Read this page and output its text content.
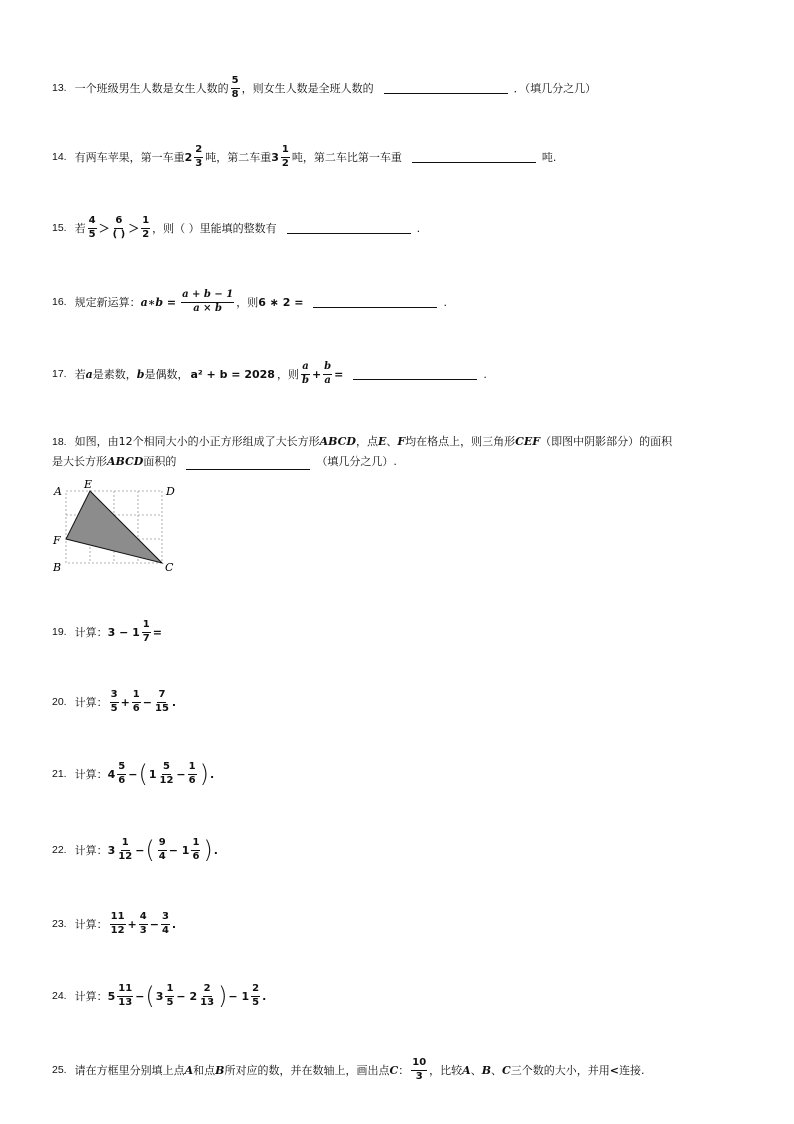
13. 一个班级男生人数是女生人数的 $\frac{5}{8}$ ，则女生人数是全班人数的	．（填几分之几）
14. 有两车苹果，第一车重 $2 \frac{2}{3}$ 吨，第二车重 $3 \frac{1}{2}$ 吨，第二车比第一车重	吨.
15. 若 $\frac{4}{5} > \frac{6}{( )} > \frac{1}{2}$ ，则（ ）里能填的整数有	.
16. 规定新运算： a∗b = $\frac{a + b - 1}{a \times b}$ ，则 6 ∗ 2 =	.
17. 若 a 是素数， b 是偶数， a² + b = 2028 ，则 $\frac{a}{b} + \frac{b}{a}$ =	.
18. 如图，由12个相同大小的小正方形组成了大长方形ABCD，点E、F均在格点上，则三角形CEF（即图中阴影部分）的面积
是大长方形ABCD面积的	（填几分之几）.
A
E
D
F
B	C
19. 计算： $3 - 1 \frac{1}{7}$ =
20. 计算： $\frac{3}{5} + \frac{1}{6} - \frac{7}{15}$ .
21. 计算： $4 \frac{5}{6}$ − ( $1 \frac{5}{12} - \frac{1}{6}$ ) .
22. 计算： $3 \frac{1}{12}$ − ( $\frac{9}{4} - 1 \frac{1}{6}$ ) .
23. 计算： $\frac{11}{12} + \frac{4}{3} - \frac{3}{4}$ .
24. 计算： $5 \frac{11}{13}$ − ( $3 \frac{1}{5} - 2 \frac{2}{13}$ ) − $1 \frac{2}{5}$ .
25. 请在方框里分别填上点 A 和点 B 所对应的数，并在数轴上，画出点 C ： $\frac{10}{3}$ ，比较 A 、 B 、 C 三个数的大小，并用 < 连接.
